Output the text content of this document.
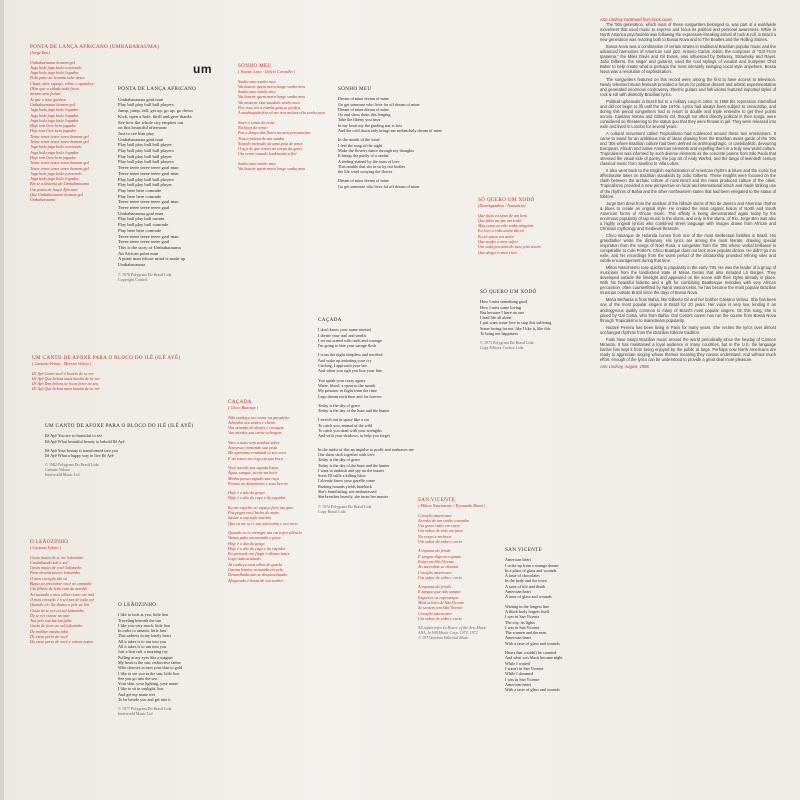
um
PONTA DE LANÇA AFRICANO (UMBABARAUMA)
(Jorge Ben)
Umbabarauma homem gol
Joga bola jogo bola corerendo
Joga bola jogo bola Jogador
Pula pula cai levanta sobe desce
Chuta, abre espaço, vibra, e agradece
Olha que a cidade toda ficou
mesmo sem fechar
Ai que o time ganhou
Umbabarauma homem gol
Joga bola jogo bola Jogador
Joga bola jogo bola Jogador
Joga bola jogo bola Jogador
Hoje tem livre bem jogador
Hoje tem livre bem jogador
Tenor tenor tenor tenor homem gol
Tenor tenor tenor tenor homem gol
Joga bola jogo bola corerendo
Joga bola jogo bola Jogador
Hoje tem livre bem jogador
Tenor tenor tenor tenor homem gol
Tenor tenor tenor tenor homem gol
Joga bola jogo bola corerendo
Joga bola jogo bola Jogador
Em se a historia de Umbabarauma
Um ponta de lança Africano
Que Umbabarauma homem gol
Umbabarauma
PONTA DE LANÇA AFRICANO
Umbabarauma goal man
Play ball play ball ball players
Jump, jump, fall, get up, go up, go down
Kick, open a hole, thrill and give thanks
See how the whole city empties out
on this beautiful afternoon
Just to see him play
Umbabarauma goal man
Play ball play ball ball player
Play ball play ball ball players
Play ball play ball ball player
Play ball play ball ball players
Teeee teeee teeee teeee goal man
Teeee teeee teeee teeee goal man
Play ball play ball ball players
Play ball play ball ball player
Play here here comrade
Play here here comrade
Teeee teeee teeee teeee goal man
Teeee teeee teeee teeee goal
Umbabarauma goal man
Play ball play ball runnin
Play ball play ball comrade
Play here here comrade
Teeee teeee teeee teeee goal man
Teeee teeee teeee teeee goal
This is the story of Umbabarauma
An African point man
A point man whose mind is made up
Umbabarauma
© 1976 Polygram Do Brasil Ltda
Copyright Control
SONHO MEU
( Yvonne Lara · Délcio Carvalho )
Sonho meu sonho meu
Vai buscar quem mora longe sonho meu
Sonho meu sonho meu
Vai buscar quem mora longe sonho meu
Vai mostrar esta saudade sonho meu
Por essa vez a estrela guia se perdeu
A madrugada fria só me traz melancolia sonho meu
Sinto o canto da noite
Na boca do vento
Faz a dança das flores no meu pensamento
Traz a pureza de um samba
Sentido marcado de uma gota de amor
O aço de que temos no corpo da gente
Um vento voando lembrando a flor
Sonho meu sonho meu
Vai buscar quem mora longe sonho meu
SONHO MEU
Dream of mine dream of mine
Go get someone who lives far off dream of mine
Dream of mine dream of mine
Go and show them this longing
Take the liberty you have
In my heart my the guiding star is lost
And the cold dawn only brings me melancholy dream of mine
In the mouth of the wind
I feel the song of the night
Make the flowers dance through my thoughts
It brings the purity of a samba
A feeling stained by the tears of love
This marble that sits in us by our bodies
the life wind swaying the flower
Dream of mine dream of mine
Go get someone who lives far off dream of mine
SÓ QUERO UM XODÓ
(Dominguinhos / Anastácia)
Que falta eu sinto de um bem
Que falta me faz um xodó
Mas como eu não tenho ninguém
Eu levo a vida assim tão só
Eu só quero um amor
Que acabe o meu sofrer
Um xodó pra mim do meu jeito assim
Que alegre o meu viver
SÓ QUERO UM XODÓ
How I miss something good
How I miss some loving
But because I have no one
I lead life all alone
I just want some love to stop this suffering
Some loving for me, like I like it, like this
To bring me happiness
© 1973 Polygram Do Brasil Ltda
Copy Editora Corisco Ltda
CAÇADA
I don't know your name normal
I divine your trail and smells
I set out armed with truth and courage
I'm going to bite your savage flesh
I cross the night sleepless and terrified
And wake up imitating your cry
Circling, I approach your lair
And when you sigh you lose your line
You speak your crazy agony
Water, blood, a spear in the mouth
My prisoner in flight from the time
Lego dream each time and for forever
Today is the day of grace
Today is the day of the hunt and the hunter
I stretch out in space like a cat
To catch you, animal of the wild
To catch you dead with your strengths
And with your shadows, to help you forget
In the midst of this an impulse to profit and embraces me
Our skins stick together with love
Today is the day of grace
Today is the day of the hunt and the hunter
I want to ambush and spy on the hunter
Soon I'll stifle a killing blow
I already know your gazelle come
Barking hounds yields bearback
She's humiliating, not embarrassed
She breathes heavily, she turns her master
© 1972 Polygram Do Brasil Ltda
Copy Brasil Ltda
CAÇADA
( Chico Buarque )
Não conheço seu nome ou paradeiro
Adivinho seu rastro e cheiro
Vou armado de dentes e coragem
Vou morder sua carne selvagem
Varo a noite sem sombra sobre
Atravesso tremendo sua pista
Me aproximo rondando a sua toca
E ao ronco me ergo em sua boca
Vocé sacode sua agonia louca
Água, sangue, aceite na boca
Minha presa rugindo sua raça
Pernas no deitamento e seus berros
Hoje é o dia da graça
Hoje é o dia do caça e do caçador
Eu me espicho no espaço feito um gato
Pra pegar você bicho do mato
Saciar a sua toda instinto
Que eu me sei e sou seu sonho e seu meio
Quando eu te entregar tua cara pro silêncio
Vamos unho arrastando o peixe
Hoje é o dia da graça
Hoje é o dia do caça e do caçador
Eu pretendo me fingir o último lance
Logo tudo acabado
Já conheço seus olhos de gazela
Garota bonita, acostada em pelo
Desmolhada não se desmoralizada
Afogueado e bosta de seu senhor
SAN VICENTE
( Milton Nascimento / Fernando Brant )
Coração americano
Acordei de um sonho estranho
Um gosto vidro em carro
Um sabor de vela em jarro
Na corpo e na boca
Um sabor de vidro e corte
A espuma da ferida
E sangue digo no espanto
Entra em São Vicente
Ao sacerdote se chamas
Coração americano
Um sabor de vidro e corte
A espuma da ferida
E sangue que não sangra
Esquecer as esperanças
Mais sereno de São Vicente
Se sentem tem São Vicente
Coração americano
Um sabor de vidro e corte
All rights refer. In Honor of the Arts Music
ANA, In WB Music Corp. 1974, 1972
© 1973 Itatiaia Editorial Music
SAN VICENTE
American heart
I woke up from a strange dream
In a place of glass and wounds
A taste of chocolates
In the body and the town
A taste of life and death
American heart
A taste of glass and wounds
Waiting in the longest line
A black body forgets itself
I was in San Vicente
The city, its lights
I was in San Vicente
The women and the men
American heart
With a taste of glass and wounds
Hours that couldn't be counted
And what was black became night
While I waited
I wasn't in San Vicente
While I dreamed
I was in San Vicente
American heart
With a taste of glass and wounds
UM CANTO DE AFOXÉ PARA O BLOCO DO ILÊ (ILÊ AYÊ)
( Caetano Veloso · Moreno Veloso )
Ilê Ayê Como você é bonito de se ver
Ilê Ayê Que beleza mais bonita de se ver
Ilê Ayê Tem beleza se tocar forte no seu
Ilê Ayê Que beleza mais bonita de se ver
UM CANTO DE AFOXE PARA O BLOCO DO ILÊ (ILÊ AYÊ)
Ilê Ayê You are so beautiful to see
Ilê Ayê What beautiful beauty to behold Ilê Ayê
Ilê Ayê Your beauty is transformed into you
Ilê Ayê What a happy way to live Ilê Ayê
© 1982 Polygram Do Brasil Ltda
Caetano Veloso
Interworld Music Ltd
O LEÃOZINHO
( Caetano Veloso )
Gosto muito de te ver leãozinho
Caminhando sob o sol
Gosto muito de você leãozinho
Para desentristecer leãozinho
O meu coração tão só
Basta eu encontrar você no caminho
Um filhote de leão raio da manhã
Arrastando o meu olhar como um imã
O meu coração é o sol pai de toda cor
Quando ele lhe doura a pele ao léu
Gosto de te ver ao sol leãozinho
De te ver entrar no mar
Tua pele tua luz tua juba
Gosto de ficar ao sol leãozinho
De molhar minha juba
De estar perto de você
De estar perto de você e entrar numa
O LEÃOZINHO
I like to look at you, little lion
Traveling beneath the sun
I like you very much, little lion
In order to unsaint, little lion
This sadness in my lonely heart
All it takes is to run into you
All it takes is to run into you
Just a lion cub, a morning ray
Pulling at my eyes like a magnet
My heart is the sun, redirective father
Who chooses to turn your skin to gold
I like to see you in the sun, little lion
See you go into the sea
Your skin, your lighting, your mane
I like to sit in sunlight, lion
And get my mane wet
To be beside you and get into it
© 1977 Polygram Do Brasil Ltda
Interworld Music Ltd
Arto Lindsay continued from back cover.

The '50s generation, which most of these songwriters belonged to, was part of a worldwide movement that used music to express and focus its political and personal awareness. While in North America psychedelia was following the expression-breaking arrival of rock & roll, in Brazil a new generation was reacting both to Bossa Nova and to The Beatles and the Rolling Stones.

Bossa Nova was a combination of certain strains in traditional Brazilian popular music and the advanced harmonies of American cool jazz. Antonio Carlos Jobim, the composer of "Girl From Ipanema," the Miles Davis and Gil Evans, was influenced by Debussy, Stravinsky and Ravel. João Gilberto, the singer and guitarist, used the cool stylings of vocalist and trumpeter Chet Baker to help create what is perhaps the most intensely swinging vocal style anywhere. Bossa Nova was a revolution of sophistication.

The songwriters featured on this record were among the first to have access to television. Newly televised music festivals provided a forum for political dissent and artistic experimentation and generated enormous controversy. Electric guitars and folk idioms featured imported styles of rock & roll with distinctly Brazilian lyrics.

Political upheavals in Brazil led to a military coup in 1964. In 1968 the repression intensified and did not begin to lift until the late 1970s. Lyrics had always been subject to censorship, and during this period songwriters had to resort to double and triple entendre to get their points across. Caetano Veloso and Gilberto Gil, though not often directly political in their songs, were considered so threatening to the status quo that they were thrown in jail. They were released into exile and lived in London for several years.

A cultural movement called Tropicalismo had coalesced around these two entertainers. It came to stand for an ambitious mix of ideas drawing from the Brazilian avant garde of the '20s and '30s where Brazilian culture had been defined as anthropophagic, or cannibalistic, devouring European, African and native American elements and expelling them in a truly new world culture. Tropicalismo was informed by such diverse elements as the concrete poems from São Paulo that stressed the visual side of poetry, the pop art of Andy Warhol, and the tango of twentieth century classical music from Jovelino to Villa Lobos.

It also went back to the English sophistication of American rhythm & blues and the iconic but affectionate takes on Brazilian standards by João Gilberto. These insights were focused on the clash between the archaic culture of rural Brazil and the mass produced culture of the cities. Tropicalismo provided a new perspective on local and international kitsch and made striking use of the rhythms of Bahia and the other northeastern states that had been relegated to the status of folklore.

Jorge Ben drew from the sambas of the hillside slums of Rio de Janeiro and American rhythm & blues to create an original style. He created the most organic fusion of North and South American forms of African music. This affinity is being demonstrated again today by the enormous popularity of rap music in the slums, and only in the slums, of Rio. Jorge Ben was also a highly original lyricist who combined street language with images drawn from African and Christian mythology and medieval literature.

Chico Buarque de Holanda comes from one of the most intellectual families in Brazil. His grandfather wrote the dictionary. His lyrics are among the most literate, drawing special inspiration from the songs of Noel Rosa, a songwriter from the '30s whose verbal brilliance is comparable to Cole Porter's. Chico Buarque does not lack more popular diction. He didn't go into exile, and his recordings from the worst period of the dictatorship provided refining sites and subtle encouragement during that time.

Milton Nascimento rose quickly to popularity in the early '70s. He was the leader of a group of musicians from the landlocked state of Minas Gerais that also included Lô Borges. They developed outside the limelight and appeared on the scene with their styles already in place. With his beautiful falsetto and a gift for combining Beatlesque melodies with very African percussion, often counterfitted by Naná Vasconcelos, he has become the most popular Brazilian musician outside Brazil since the days of Bossa Nova.

Maria Bethania is from Bahia, like Gilberto Gil and her brother Caetano Veloso. She has been one of the most popular singers in Brazil for 20 years. Her voice is very low, lending it an androgynous quality common to many of Brazil's most popular singers. On this song, she is joined by Gal Costa, who from Bahia. Gal Costa's career has run the course from Bossa Nova through Tropicalismo to mainstream popularity.

Nazaré Pereira has been living in Paris for many years. She recites the lyrics over almost unchanged rhythms from the Brazilian folklore tradition.

Fads have swept Brazilian music around the world periodically since the heyday of Carmen Miranda. It has maintained a loyal audience in many countries, but in the U.S. the language barrier has kept it from being enjoyed by the public at large. Perhaps now North Americans are ready to appreciate singing whose themes meaning they cannot understand. And without much effort, enough of the lyrics can be understood to provide a great deal more pleasure.

Arto Lindsay, August, 1988.
